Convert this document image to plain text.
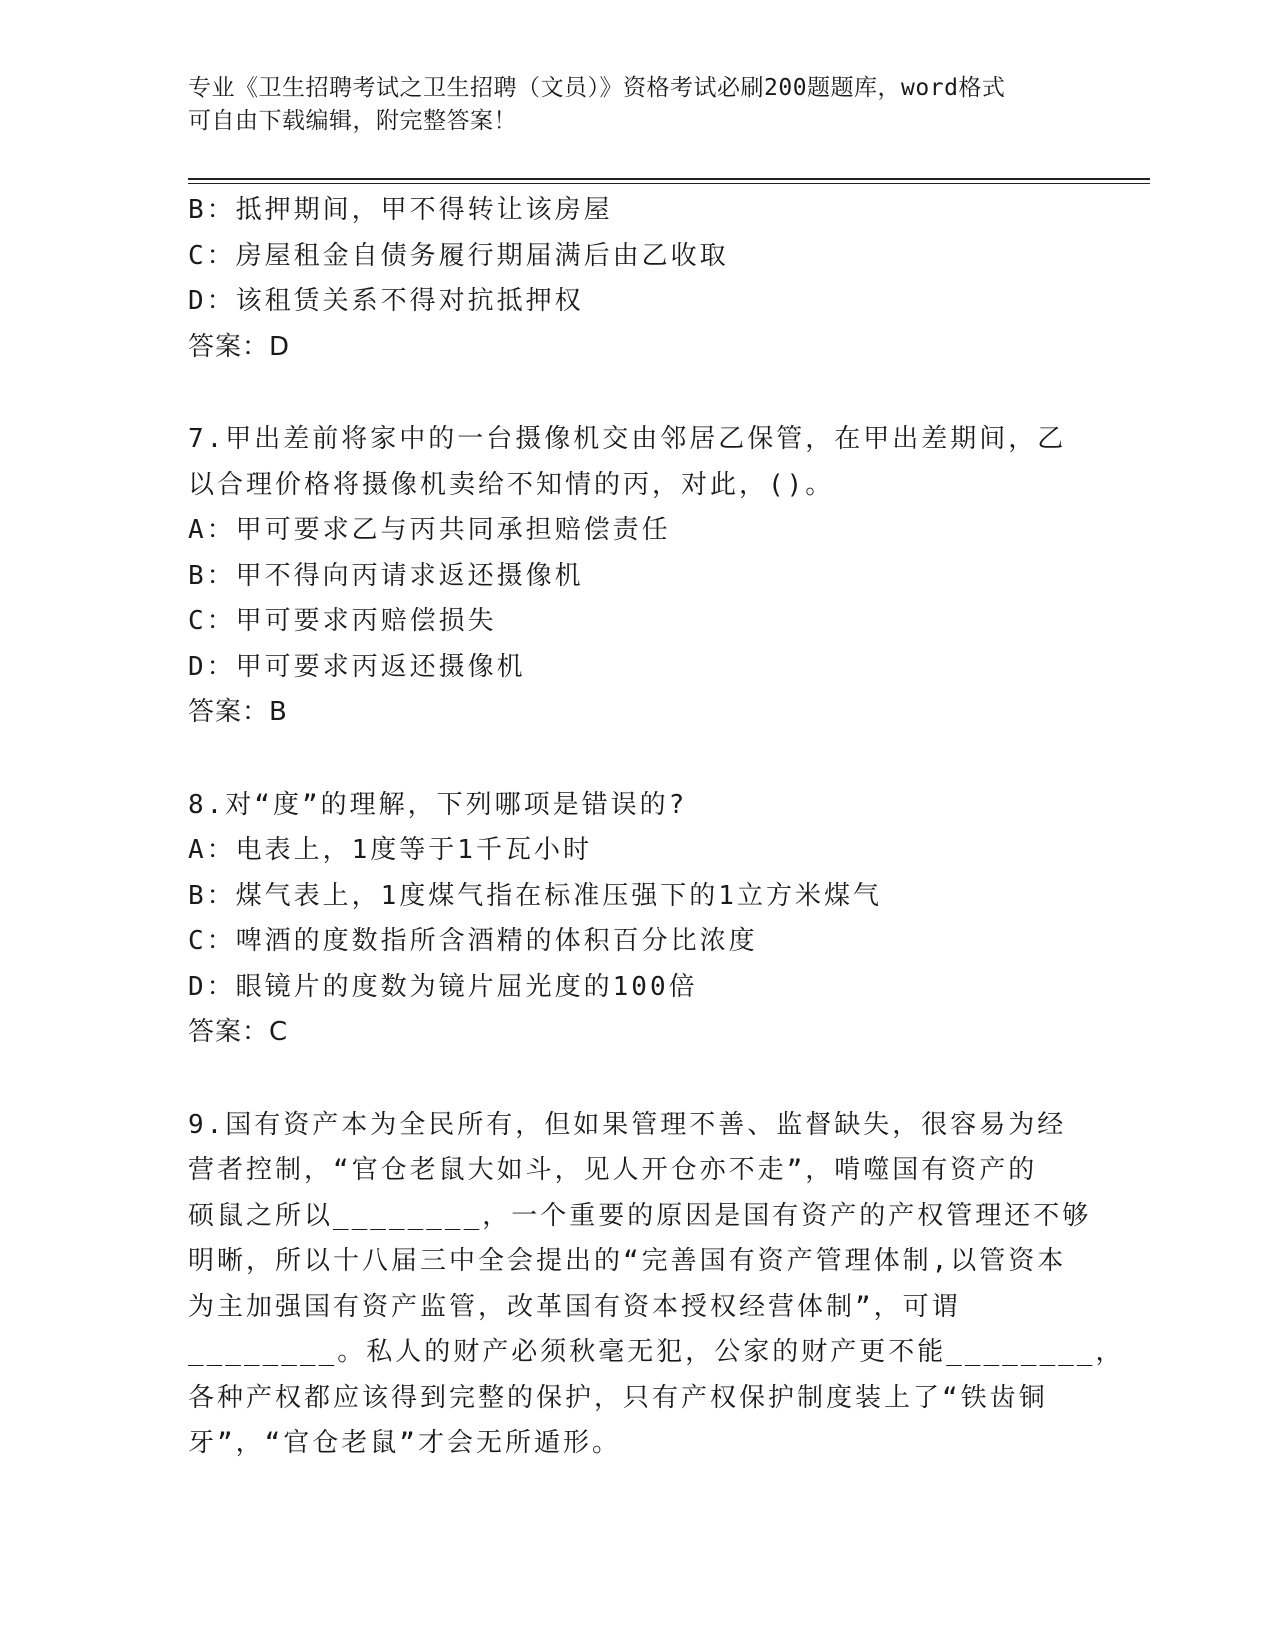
专业《卫生招聘考试之卫生招聘（文员）》资格考试必刷200题题库，word格式
可自由下载编辑，附完整答案！
B：抵押期间，甲不得转让该房屋
C：房屋租金自债务履行期届满后由乙收取
D：该租赁关系不得对抗抵押权
答案：D
7.甲出差前将家中的一台摄像机交由邻居乙保管，在甲出差期间，乙
以合理价格将摄像机卖给不知情的丙，对此，()。
A：甲可要求乙与丙共同承担赔偿责任
B：甲不得向丙请求返还摄像机
C：甲可要求丙赔偿损失
D：甲可要求丙返还摄像机
答案：B
8.对“度”的理解，下列哪项是错误的?
A：电表上，1度等于1千瓦小时
B：煤气表上，1度煤气指在标准压强下的1立方米煤气
C：啤酒的度数指所含酒精的体积百分比浓度
D：眼镜片的度数为镜片屈光度的100倍
答案：C
9.国有资产本为全民所有，但如果管理不善、监督缺失，很容易为经
营者控制，“官仓老鼠大如斗，见人开仓亦不走”，啃噬国有资产的
硕鼠之所以________，一个重要的原因是国有资产的产权管理还不够
明晰，所以十八届三中全会提出的“完善国有资产管理体制,以管资本
为主加强国有资产监管，改革国有资本授权经营体制”，可谓
________。私人的财产必须秋毫无犯，公家的财产更不能________，
各种产权都应该得到完整的保护，只有产权保护制度装上了“铁齿铜
牙”，“官仓老鼠”才会无所遁形。
